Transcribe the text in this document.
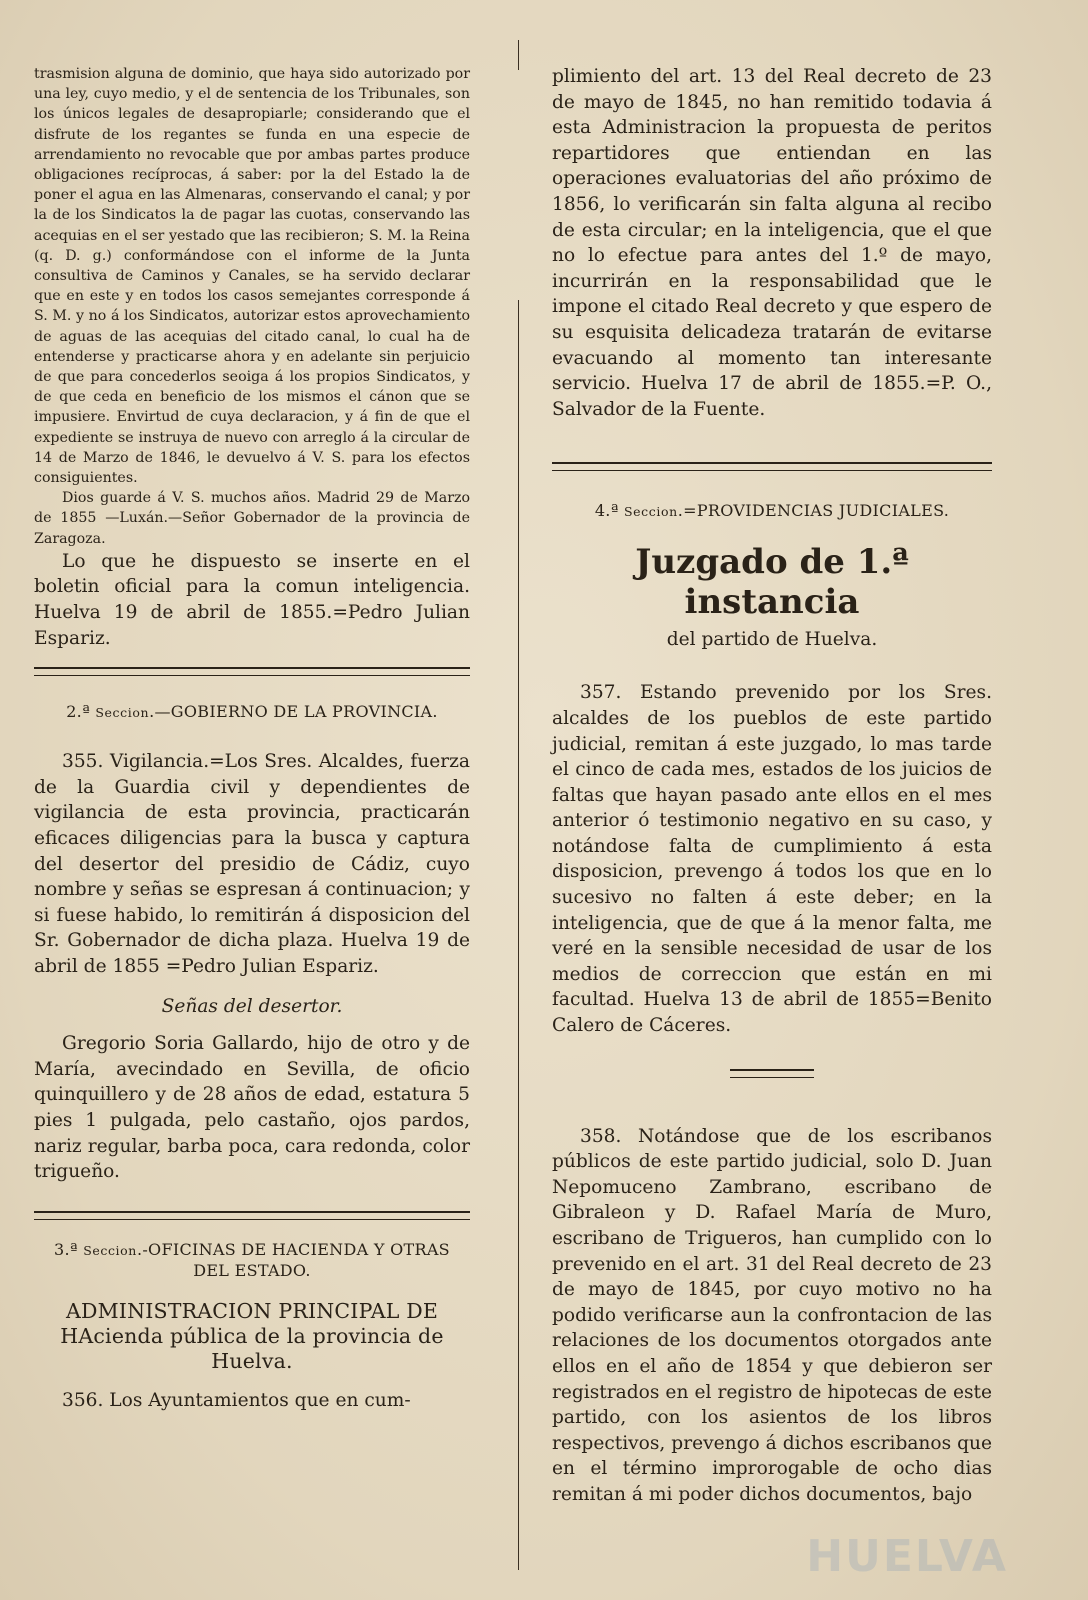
trasmision alguna de dominio, que haya sido autorizado por una ley, cuyo medio, y el de sentencia de los Tribunales, son los únicos legales de desapropiarle; considerando que el disfrute de los regantes se funda en una especie de arrendamiento no revocable que por ambas partes produce obligaciones recíprocas, á saber: por la del Estado la de poner el agua en las Almenaras, conservando el canal; y por la de los Sindicatos la de pagar las cuotas, conservando las acequias en el ser yestado que las recibieron; S. M. la Reina (q. D. g.) conformándose con el informe de la Junta consultiva de Caminos y Canales, se ha servido declarar que en este y en todos los casos semejantes corresponde á S. M. y no á los Sindicatos, autorizar estos aprovechamiento de aguas de las acequias del citado canal, lo cual ha de entenderse y practicarse ahora y en adelante sin perjuicio de que para concederlos seoiga á los propios Sindicatos, y de que ceda en beneficio de los mismos el cánon que se impusiere. Envirtud de cuya declaracion, y á fin de que el expediente se instruya de nuevo con arreglo á la circular de 14 de Marzo de 1846, le devuelvo á V. S. para los efectos consiguientes.

Dios guarde á V. S. muchos años. Madrid 29 de Marzo de 1855 —Luxán.—Señor Gobernador de la provincia de Zaragoza.

Lo que he dispuesto se inserte en el boletin oficial para la comun inteligencia. Huelva 19 de abril de 1855.=Pedro Julian Espariz.

2.ª Seccion.—GOBIERNO DE LA PROVINCIA.

355. Vigilancia.=Los Sres. Alcaldes, fuerza de la Guardia civil y dependientes de vigilancia de esta provincia, practicarán eficaces diligencias para la busca y captura del desertor del presidio de Cádiz, cuyo nombre y señas se espresan á continuacion; y si fuese habido, lo remitirán á disposicion del Sr. Gobernador de dicha plaza. Huelva 19 de abril de 1855 =Pedro Julian Espariz.

Señas del desertor.

Gregorio Soria Gallardo, hijo de otro y de María, avecindado en Sevilla, de oficio quinquillero y de 28 años de edad, estatura 5 pies 1 pulgada, pelo castaño, ojos pardos, nariz regular, barba poca, cara redonda, color trigueño.

3.ª Seccion.-OFICINAS DE HACIENDA Y OTRAS
DEL ESTADO.

ADMINISTRACION PRINCIPAL DE HAcienda pública de la provincia de Huelva.

356. Los Ayuntamientos que en cum-

plimiento del art. 13 del Real decreto de 23 de mayo de 1845, no han remitido todavia á esta Administracion la propuesta de peritos repartidores que entiendan en las operaciones evaluatorias del año próximo de 1856, lo verificarán sin falta alguna al recibo de esta circular; en la inteligencia, que el que no lo efectue para antes del 1.º de mayo, incurrirán en la responsabilidad que le impone el citado Real decreto y que espero de su esquisita delicadeza tratarán de evitarse evacuando al momento tan interesante servicio. Huelva 17 de abril de 1855.=P. O., Salvador de la Fuente.

4.ª Seccion.=PROVIDENCIAS JUDICIALES.

Juzgado de 1.ª instancia

del partido de Huelva.

357. Estando prevenido por los Sres. alcaldes de los pueblos de este partido judicial, remitan á este juzgado, lo mas tarde el cinco de cada mes, estados de los juicios de faltas que hayan pasado ante ellos en el mes anterior ó testimonio negativo en su caso, y notándose falta de cumplimiento á esta disposicion, prevengo á todos los que en lo sucesivo no falten á este deber; en la inteligencia, que de que á la menor falta, me veré en la sensible necesidad de usar de los medios de correccion que están en mi facultad. Huelva 13 de abril de 1855=Benito Calero de Cáceres.

358. Notándose que de los escribanos públicos de este partido judicial, solo D. Juan Nepomuceno Zambrano, escribano de Gibraleon y D. Rafael María de Muro, escribano de Trigueros, han cumplido con lo prevenido en el art. 31 del Real decreto de 23 de mayo de 1845, por cuyo motivo no ha podido verificarse aun la confrontacion de las relaciones de los documentos otorgados ante ellos en el año de 1854 y que debieron ser registrados en el registro de hipotecas de este partido, con los asientos de los libros respectivos, prevengo á dichos escribanos que en el término improrogable de ocho dias remitan á mi poder dichos documentos, bajo

HUELVA
